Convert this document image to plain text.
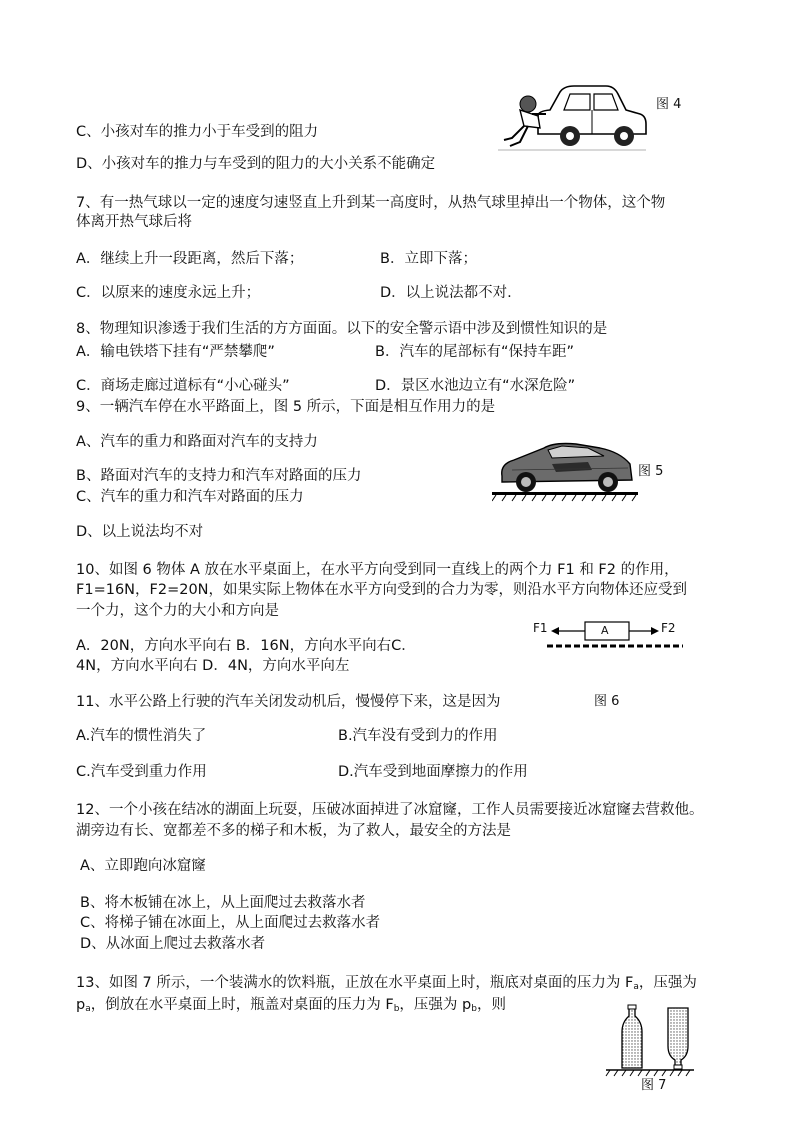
图 4
C、小孩对车的推力小于车受到的阻力
D、小孩对车的推力与车受到的阻力的大小关系不能确定
7、有一热气球以一定的速度匀速竖直上升到某一高度时，从热气球里掉出一个物体，这个物
体离开热气球后将
A．继续上升一段距离，然后下落；	B．立即下落；
C．以原来的速度永远上升；	D．以上说法都不对.
8、物理知识渗透于我们生活的方方面面。以下的安全警示语中涉及到惯性知识的是
A．输电铁塔下挂有“严禁攀爬”	B．汽车的尾部标有“保持车距”
C．商场走廊过道标有“小心碰头”	D．景区水池边立有“水深危险”
9、一辆汽车停在水平路面上，图 5 所示，下面是相互作用力的是
A、汽车的重力和路面对汽车的支持力
B、路面对汽车的支持力和汽车对路面的压力
C、汽车的重力和汽车对路面的压力
D、以上说法均不对
图 5
10、如图 6 物体 A 放在水平桌面上，在水平方向受到同一直线上的两个力 F1 和 F2 的作用，
F1=16N，F2=20N，如果实际上物体在水平方向受到的合力为零，则沿水平方向物体还应受到
一个力，这个力的大小和方向是
A．20N，方向水平向右 B．16N，方向水平向右C．
4N，方向水平向右 D．4N，方向水平向左
F1	A	F2
图 6
11、水平公路上行驶的汽车关闭发动机后，慢慢停下来，这是因为
A.汽车的惯性消失了	B.汽车没有受到力的作用
C.汽车受到重力作用	D.汽车受到地面摩擦力的作用
12、一个小孩在结冰的湖面上玩耍，压破冰面掉进了冰窟窿，工作人员需要接近冰窟窿去营救他。
湖旁边有长、宽都差不多的梯子和木板，为了救人，最安全的方法是
A、立即跑向冰窟窿
B、将木板铺在冰上，从上面爬过去救落水者
C、将梯子铺在冰面上，从上面爬过去救落水者
D、从冰面上爬过去救落水者
13、如图 7 所示，一个装满水的饮料瓶，正放在水平桌面上时，瓶底对桌面的压力为 $F_a$，压强为
$p_a$，倒放在水平桌面上时，瓶盖对桌面的压力为 $F_b$，压强为 $p_b$，则
图 7
